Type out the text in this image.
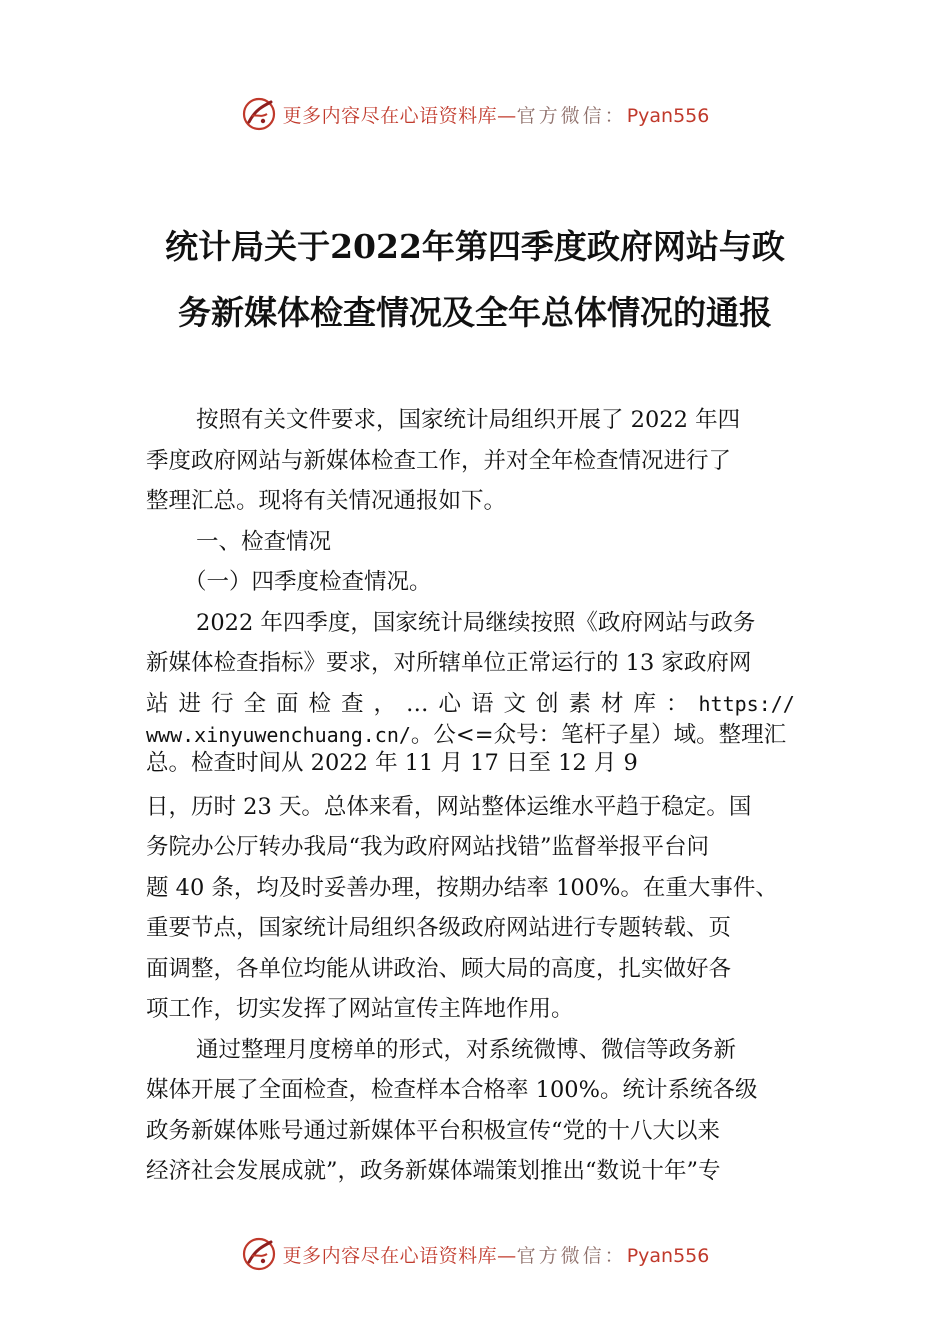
更多内容尽在心语资料库—官方微信：Pyan556
统计局关于2022年第四季度政府网站与政
务新媒体检查情况及全年总体情况的通报

按照有关文件要求，国家统计局组织开展了 2022 年四

季度政府网站与新媒体检查工作，并对全年检查情况进行了

整理汇总。现将有关情况通报如下。

一、检查情况

（一）四季度检查情况。

2022 年四季度，国家统计局继续按照《政府网站与政务

新媒体检查指标》要求，对所辖单位正常运行的 13 家政府网

站进行全面检查，…心语文创素材库：https://

www.xinyuwenchuang.cn/。公<=众号：笔杆子星）域。整理汇

总。检查时间从 2022 年 11 月 17 日至 12 月 9

日，历时 23 天。总体来看，网站整体运维水平趋于稳定。国

务院办公厅转办我局“我为政府网站找错”监督举报平台问

题 40 条，均及时妥善办理，按期办结率 100%。在重大事件、

重要节点，国家统计局组织各级政府网站进行专题转载、页

面调整，各单位均能从讲政治、顾大局的高度，扎实做好各

项工作，切实发挥了网站宣传主阵地作用。

通过整理月度榜单的形式，对系统微博、微信等政务新

媒体开展了全面检查，检查样本合格率 100%。统计系统各级

政务新媒体账号通过新媒体平台积极宣传“党的十八大以来

经济社会发展成就”，政务新媒体端策划推出“数说十年”专

更多内容尽在心语资料库—官方微信：Pyan556
